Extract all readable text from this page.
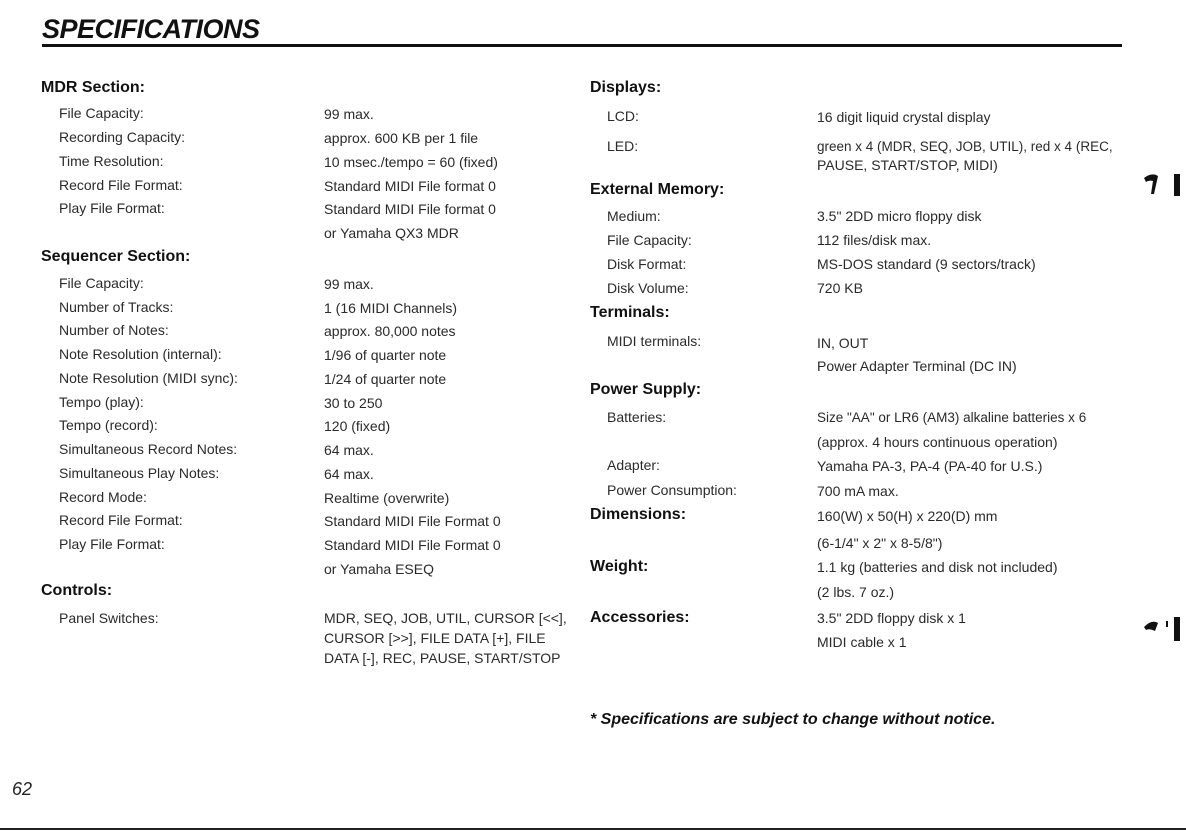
SPECIFICATIONS
MDR Section:
File Capacity:	99 max.
Recording Capacity:	approx. 600 KB per 1 file
Time Resolution:	10 msec./tempo = 60 (fixed)
Record File Format:	Standard MIDI File format 0
Play File Format:	Standard MIDI File format 0
or Yamaha QX3 MDR
Sequencer Section:
File Capacity:	99 max.
Number of Tracks:	1 (16 MIDI Channels)
Number of Notes:	approx. 80,000 notes
Note Resolution (internal):	1/96 of quarter note
Note Resolution (MIDI sync):	1/24 of quarter note
Tempo (play):	30 to 250
Tempo (record):	120 (fixed)
Simultaneous Record Notes:	64 max.
Simultaneous Play Notes:	64 max.
Record Mode:	Realtime (overwrite)
Record File Format:	Standard MIDI File Format 0
Play File Format:	Standard MIDI File Format 0
or Yamaha ESEQ
Controls:
Panel Switches:	MDR, SEQ, JOB, UTIL, CURSOR [<<],
CURSOR [>>], FILE DATA [+], FILE
DATA [-], REC, PAUSE, START/STOP
Displays:
LCD:	16 digit liquid crystal display
LED:	green x 4 (MDR, SEQ, JOB, UTIL), red x 4 (REC,
PAUSE, START/STOP, MIDI)
External Memory:
Medium:	3.5" 2DD micro floppy disk
File Capacity:	112 files/disk max.
Disk Format:	MS-DOS standard (9 sectors/track)
Disk Volume:	720 KB
Terminals:
MIDI terminals:	IN, OUT
Power Adapter Terminal (DC IN)
Power Supply:
Batteries:	Size "AA" or LR6 (AM3) alkaline batteries x 6
(approx. 4 hours continuous operation)
Adapter:	Yamaha PA-3, PA-4 (PA-40 for U.S.)
Power Consumption:	700 mA max.
Dimensions:	160(W) x 50(H) x 220(D) mm
(6-1/4" x 2" x 8-5/8")
Weight:	1.1 kg (batteries and disk not included)
(2 lbs. 7 oz.)
Accessories:	3.5" 2DD floppy disk x 1
MIDI cable x 1
* Specifications are subject to change without notice.
62
